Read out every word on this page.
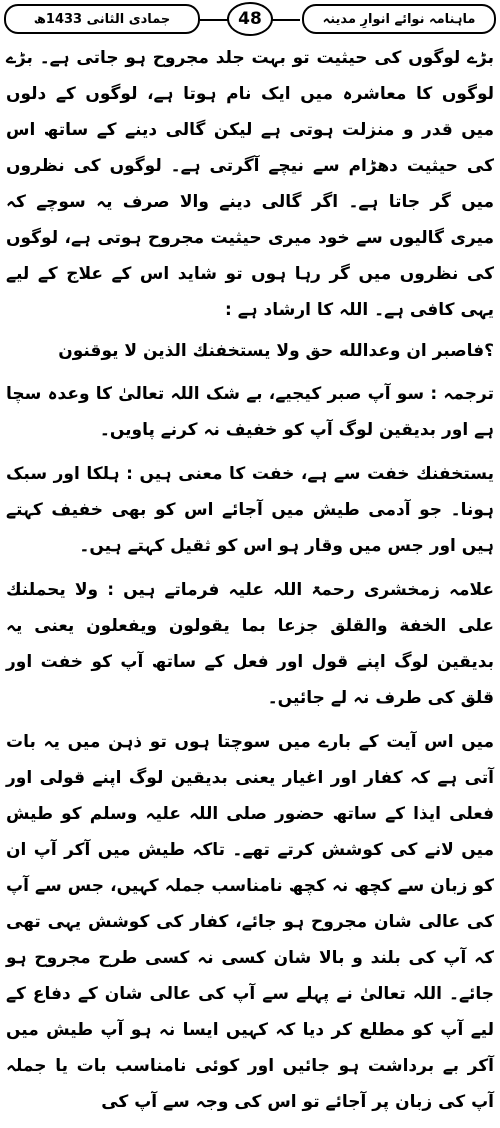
ماہنامہ نوائے انوارِ مدینہ
48
جمادی الثانی 1433ھ

بڑے لوگوں کی حیثیت تو بہت جلد مجروح ہو جاتی ہے۔ بڑے لوگوں کا معاشرہ میں ایک نام ہوتا ہے، لوگوں کے دلوں میں قدر و منزلت ہوتی ہے لیکن گالی دینے کے ساتھ اس کی حیثیت دھڑام سے نیچے آگرتی ہے۔ لوگوں کی نظروں میں گر جاتا ہے۔ اگر گالی دینے والا صرف یہ سوچے کہ میری گالیوں سے خود میری حیثیت مجروح ہوتی ہے، لوگوں کی نظروں میں گر رہا ہوں تو شاید اس کے علاج کے لیے یہی کافی ہے۔ اللہ کا ارشاد ہے :

؟فاصبر ان وعدالله حق ولا يستخفنك الذين لا يوقنون

ترجمہ : سو آپ صبر کیجیے، بے شک اللہ تعالیٰ کا وعدہ سچا ہے اور بدیقین لوگ آپ کو خفیف نہ کرنے پاویں۔

يستخفنك خفت سے ہے، خفت کا معنی ہیں : ہلکا اور سبک ہونا۔ جو آدمی طیش میں آجائے اس کو بھی خفیف کہتے ہیں اور جس میں وقار ہو اس کو ثقیل کہتے ہیں۔

علامہ زمخشری رحمۃ اللہ علیہ فرماتے ہیں : ولا يحملنك على الخفة والقلق جزعا بما يقولون ويفعلون یعنی یہ بدیقین لوگ اپنے قول اور فعل کے ساتھ آپ کو خفت اور قلق کی طرف نہ لے جائیں۔

میں اس آیت کے بارے میں سوچتا ہوں تو ذہن میں یہ بات آتی ہے کہ کفار اور اغیار یعنی بدیقین لوگ اپنے قولی اور فعلی ایذا کے ساتھ حضور صلی اللہ علیہ وسلم کو طیش میں لانے کی کوشش کرتے تھے۔ تاکہ طیش میں آکر آپ ان کو زبان سے کچھ نہ کچھ نامناسب جملہ کہیں، جس سے آپ کی عالی شان مجروح ہو جائے، کفار کی کوشش یہی تھی کہ آپ کی بلند و بالا شان کسی نہ کسی طرح مجروح ہو جائے۔ اللہ تعالیٰ نے پہلے سے آپ کی عالی شان کے دفاع کے لیے آپ کو مطلع کر دیا کہ کہیں ایسا نہ ہو آپ طیش میں آکر بے برداشت ہو جائیں اور کوئی نامناسب بات یا جملہ آپ کی زبان پر آجائے تو اس کی وجہ سے آپ کی
